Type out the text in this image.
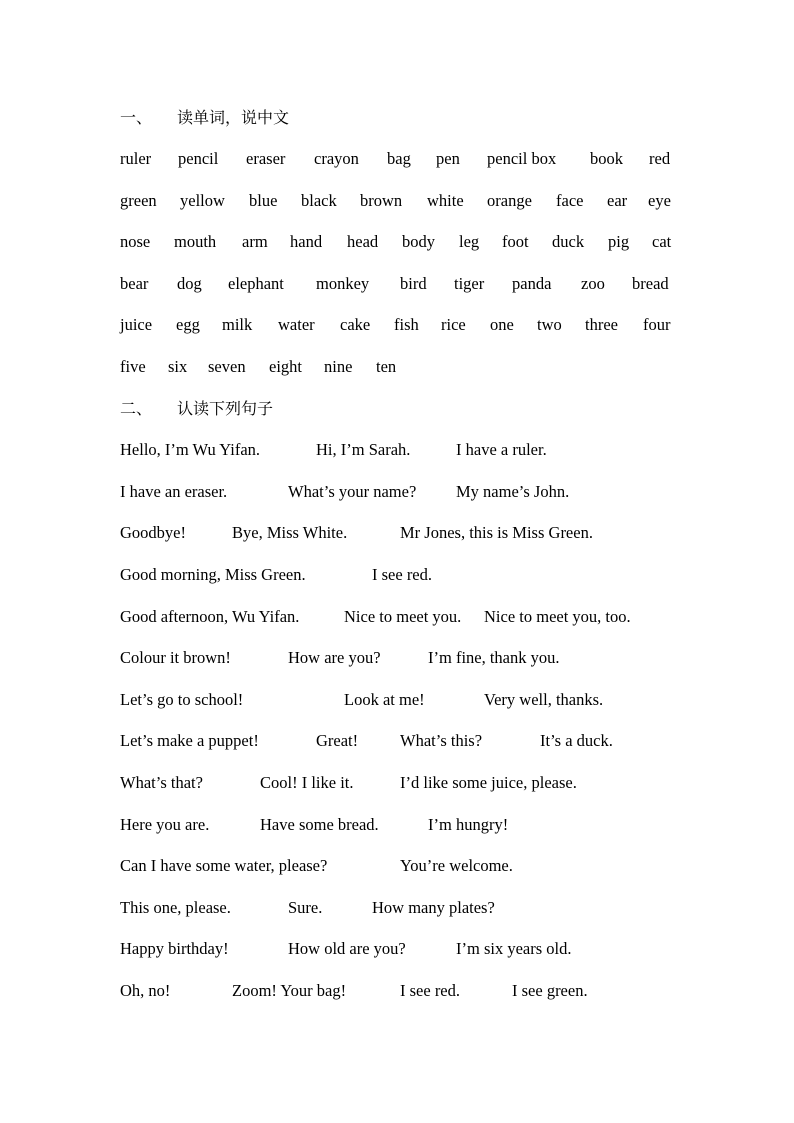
一、 读单词，说中文
ruler pencil eraser crayon bag pen pencil box book red
green yellow blue black brown white orange face ear eye
nose mouth arm hand head body leg foot duck pig cat
bear dog elephant monkey bird tiger panda zoo bread
juice egg milk water cake fish rice one two three four
five six seven eight nine ten
二、 认读下列句子
Hello, I’m Wu Yifan.	Hi, I’m Sarah.	I have a ruler.
I have an eraser.	What’s your name? My name’s John.
Goodbye!	Bye, Miss White.	Mr Jones, this is Miss Green.
Good morning, Miss Green.	I see red.
Good afternoon, Wu Yifan.	Nice to meet you. Nice to meet you, too.
Colour it brown!	How are you?	I’m fine, thank you.
Let’s go to school!	Look at me!	Very well, thanks.
Let’s make a puppet!	Great!	What’s this?	It’s a duck.
What’s that?	Cool! I like it.	I’d like some juice, please.
Here you are.	Have some bread.	I’m hungry!
Can I have some water, please?	You’re welcome.
This one, please.	Sure.	How many plates?
Happy birthday!	How old are you?	I’m six years old.
Oh, no!	Zoom! Your bag!	I see red.	I see green.
